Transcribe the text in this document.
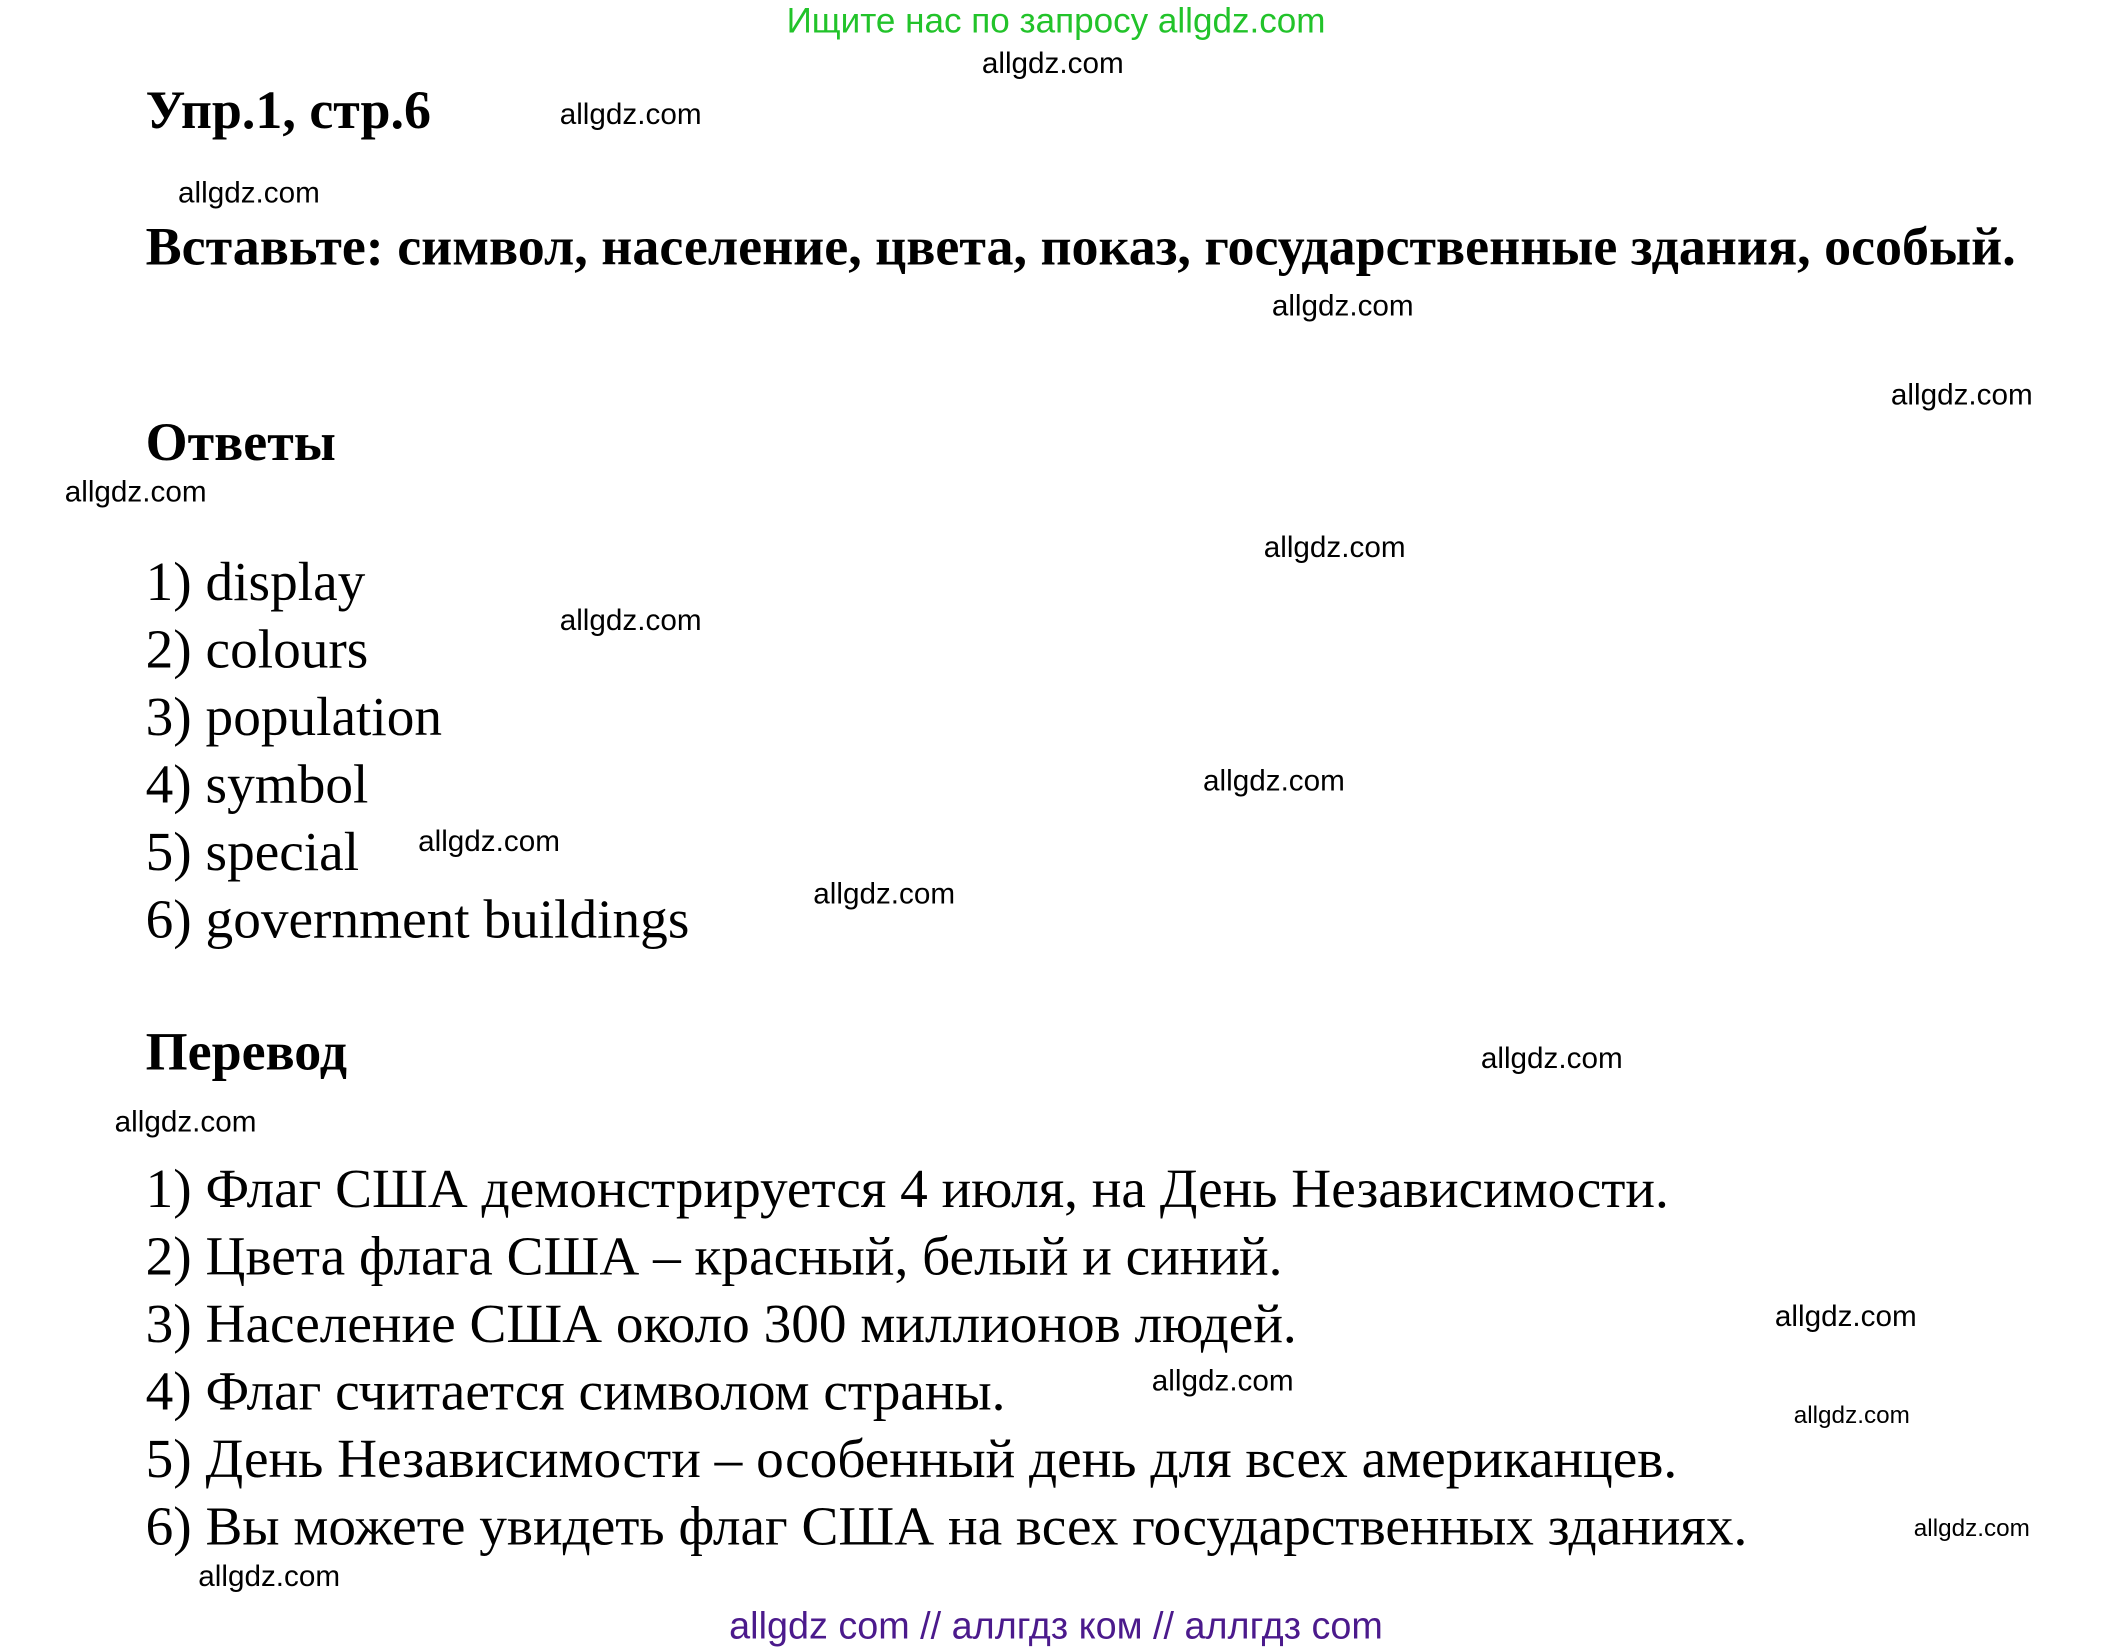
Ищите нас по запросу allgdz.com
Упр.1, стр.6
Вставьте: символ, население, цвета, показ, государственные здания, особый.
Ответы
1) display
2) colours
3) population
4) symbol
5) special
6) government buildings
Перевод
1) Флаг США демонстрируется 4 июля, на День Независимости.
2) Цвета флага США – красный, белый и синий.
3) Население США около 300 миллионов людей.
4) Флаг считается символом страны.
5) День Независимости – особенный день для всех американцев.
6) Вы можете увидеть флаг США на всех государственных зданиях.
allgdz.com
allgdz.com
allgdz.com
allgdz.com
allgdz.com
allgdz.com
allgdz.com
allgdz.com
allgdz.com
allgdz.com
allgdz.com
allgdz.com
allgdz.com
allgdz.com
allgdz.com
allgdz.com
allgdz.com
allgdz.com
allgdz com // аллгдз ком // аллгдз com
